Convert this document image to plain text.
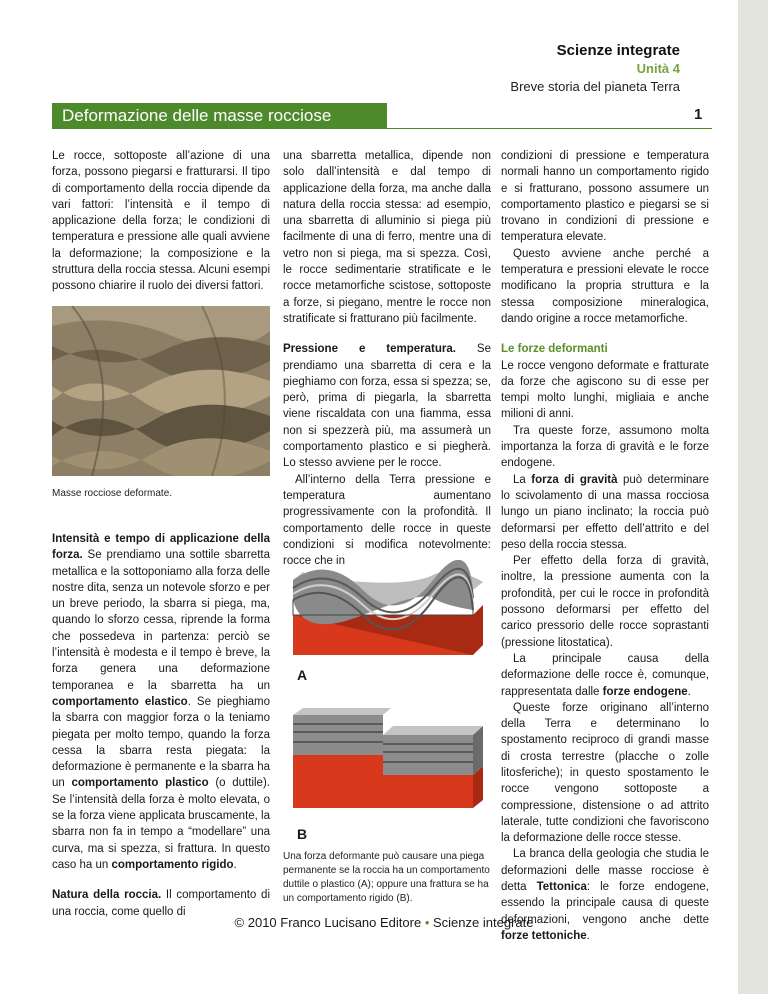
Scienze integrate
Unità 4
Breve storia del pianeta Terra
Deformazione delle masse rocciose	1

Le rocce, sottoposte all’azione di una forza, possono piegarsi e fratturarsi. Il tipo di comportamento della roccia dipende da vari fattori: l’intensità e il tempo di applicazione della forza; le condizioni di temperatura e pressione alle quali avviene la deformazione; la composizione e la struttura della roccia stessa. Alcuni esempi possono chiarire il ruolo dei diversi fattori.

Masse rocciose deformate.

Intensità e tempo di applicazione della forza. Se prendiamo una sottile sbarretta metallica e la sottoponiamo alla forza delle nostre dita, senza un notevole sforzo e per un breve periodo, la sbarra si piega, ma, quando lo sforzo cessa, riprende la forma che possedeva in partenza: perciò se l’intensità è modesta e il tempo è breve, la forza genera una deformazione temporanea e la sbarretta ha un comportamento elastico. Se pieghiamo la sbarra con maggior forza o la teniamo piegata per molto tempo, quando la forza cessa la sbarra resta piegata: la deformazione è permanente e la sbarra ha un comportamento plastico (o duttile). Se l’intensità della forza è molto elevata, o se la forza viene applicata bruscamente, la sbarra non fa in tempo a “modellare” una curva, ma si spezza, si frattura. In questo caso ha un comportamento rigido.

Natura della roccia. Il comportamento di una roccia, come quello di

una sbarretta metallica, dipende non solo dall’intensità e dal tempo di applicazione della forza, ma anche dalla natura della roccia stessa: ad esempio, una sbarretta di alluminio si piega più facilmente di una di ferro, mentre una di vetro non si piega, ma si spezza. Così, le rocce sedimentarie stratificate e le rocce metamorfiche scistose, sottoposte a forze, si piegano, mentre le rocce non stratificate si fratturano più facilmente.

Pressione e temperatura. Se prendiamo una sbarretta di cera e la pieghiamo con forza, essa si spezza; se, però, prima di piegarla, la sbarretta viene riscaldata con una fiamma, essa non si spezzerà più, ma assumerà un comportamento plastico e si piegherà. Lo stesso avviene per le rocce.

All’interno della Terra pressione e temperatura aumentano progressivamente con la profondità. Il comportamento delle rocce in queste condizioni si modifica notevolmente: rocce che in

A
B
Una forza deformante può causare una piega permanente se la roccia ha un comportamento duttile o plastico (A); oppure una frattura se ha un comportamento rigido (B).

condizioni di pressione e temperatura normali hanno un comportamento rigido e si fratturano, possono assumere un comportamento plastico e piegarsi se si trovano in condizioni di pressione e temperatura elevate.

Questo avviene anche perché a temperatura e pressioni elevate le rocce modificano la propria struttura e la stessa composizione mineralogica, dando origine a rocce metamorfiche.

Le forze deformanti

Le rocce vengono deformate e fratturate da forze che agiscono su di esse per tempi molto lunghi, migliaia e anche milioni di anni.

Tra queste forze, assumono molta importanza la forza di gravità e le forze endogene.

La forza di gravità può determinare lo scivolamento di una massa rocciosa lungo un piano inclinato; la roccia può deformarsi per effetto dell’attrito e del peso della roccia stessa.

Per effetto della forza di gravità, inoltre, la pressione aumenta con la profondità, per cui le rocce in profondità possono deformarsi per effetto del carico pressorio delle rocce soprastanti (pressione litostatica).

La principale causa della deformazione delle rocce è, comunque, rappresentata dalle forze endogene.

Queste forze originano all’interno della Terra e determinano lo spostamento reciproco di grandi masse di crosta terrestre (placche o zolle litosferiche); in questo spostamento le rocce vengono sottoposte a compressione, distensione o ad attrito laterale, tutte condizioni che favoriscono la deformazione delle rocce stesse.

La branca della geologia che studia le deformazioni delle masse rocciose è detta Tettonica: le forze endogene, essendo la principale causa di queste deformazioni, vengono anche dette forze tettoniche.

© 2010 Franco Lucisano Editore • Scienze integrate
